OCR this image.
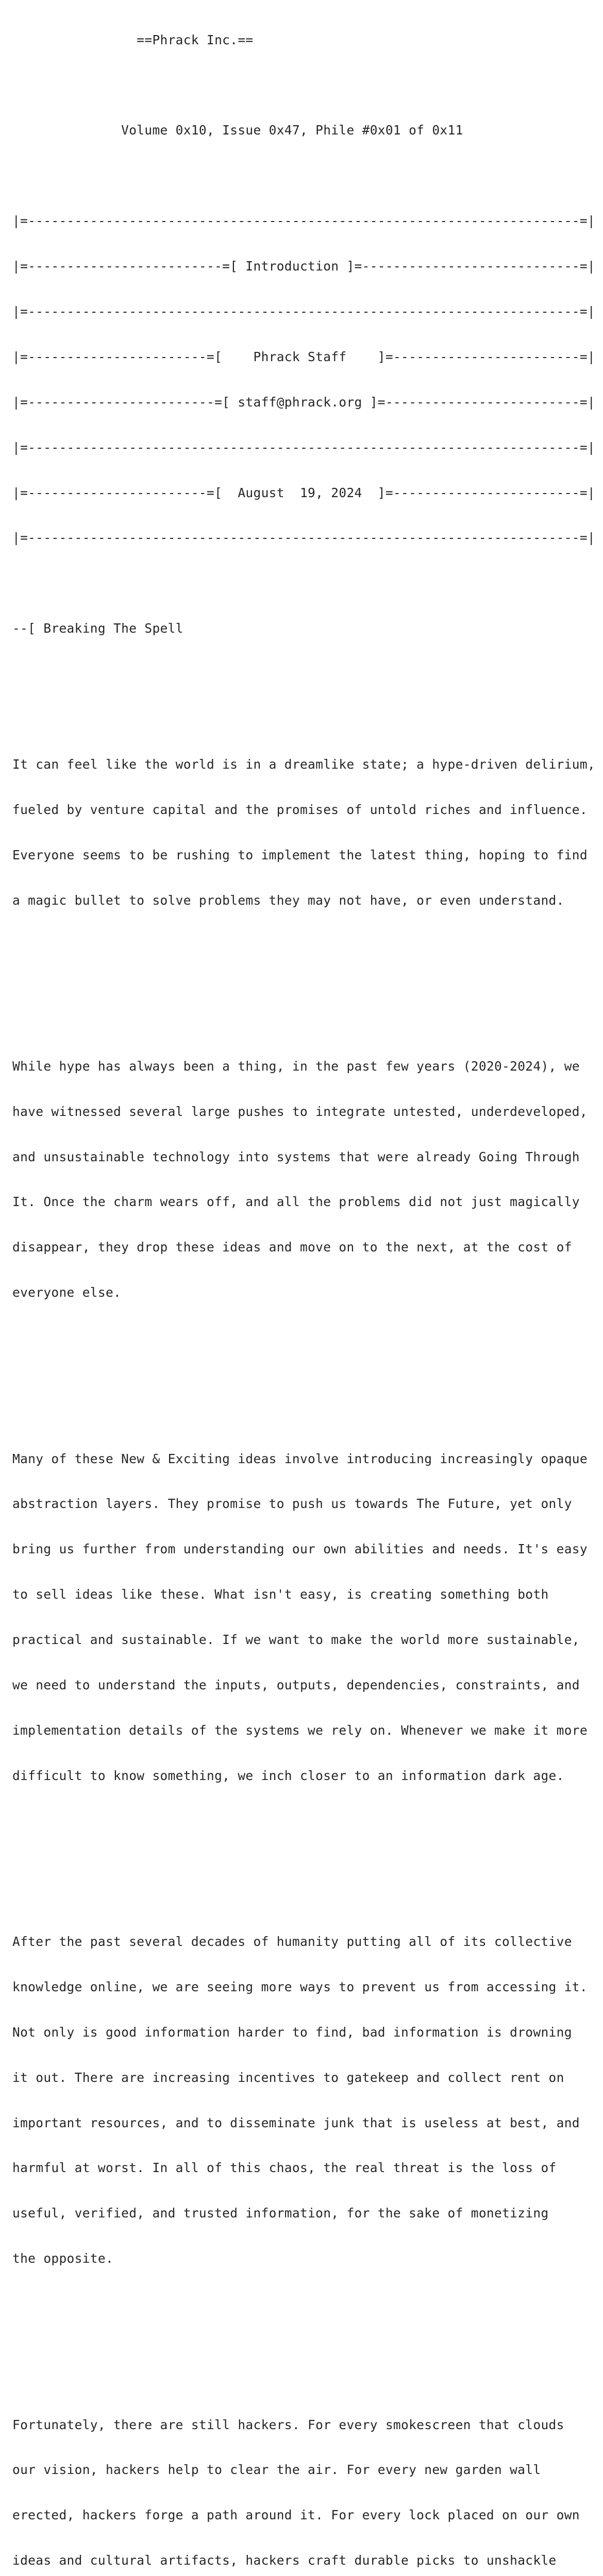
==Phrack Inc.==

Volume 0x10, Issue 0x47, Phile #0x01 of 0x11

|=-----------------------------------------------------------------------=|

|=-------------------------=[ Introduction ]=----------------------------=|

|=-----------------------------------------------------------------------=|

|=-----------------------=[    Phrack Staff    ]=------------------------=|

|=------------------------=[ staff@phrack.org ]=-------------------------=|

|=-----------------------------------------------------------------------=|

|=-----------------------=[  August  19, 2024  ]=------------------------=|

|=-----------------------------------------------------------------------=|

--[ Breaking The Spell

It can feel like the world is in a dreamlike state; a hype-driven delirium,

fueled by venture capital and the promises of untold riches and influence.

Everyone seems to be rushing to implement the latest thing, hoping to find

a magic bullet to solve problems they may not have, or even understand.

While hype has always been a thing, in the past few years (2020-2024), we

have witnessed several large pushes to integrate untested, underdeveloped,

and unsustainable technology into systems that were already Going Through

It. Once the charm wears off, and all the problems did not just magically

disappear, they drop these ideas and move on to the next, at the cost of

everyone else.

Many of these New & Exciting ideas involve introducing increasingly opaque

abstraction layers. They promise to push us towards The Future, yet only

bring us further from understanding our own abilities and needs. It's easy

to sell ideas like these. What isn't easy, is creating something both

practical and sustainable. If we want to make the world more sustainable,

we need to understand the inputs, outputs, dependencies, constraints, and

implementation details of the systems we rely on. Whenever we make it more

difficult to know something, we inch closer to an information dark age.

After the past several decades of humanity putting all of its collective

knowledge online, we are seeing more ways to prevent us from accessing it.

Not only is good information harder to find, bad information is drowning

it out. There are increasing incentives to gatekeep and collect rent on

important resources, and to disseminate junk that is useless at best, and

harmful at worst. In all of this chaos, the real threat is the loss of

useful, verified, and trusted information, for the sake of monetizing

the opposite.

Fortunately, there are still hackers. For every smokescreen that clouds

our vision, hackers help to clear the air. For every new garden wall

erected, hackers forge a path around it. For every lock placed on our own

ideas and cultural artifacts, hackers craft durable picks to unshackle
